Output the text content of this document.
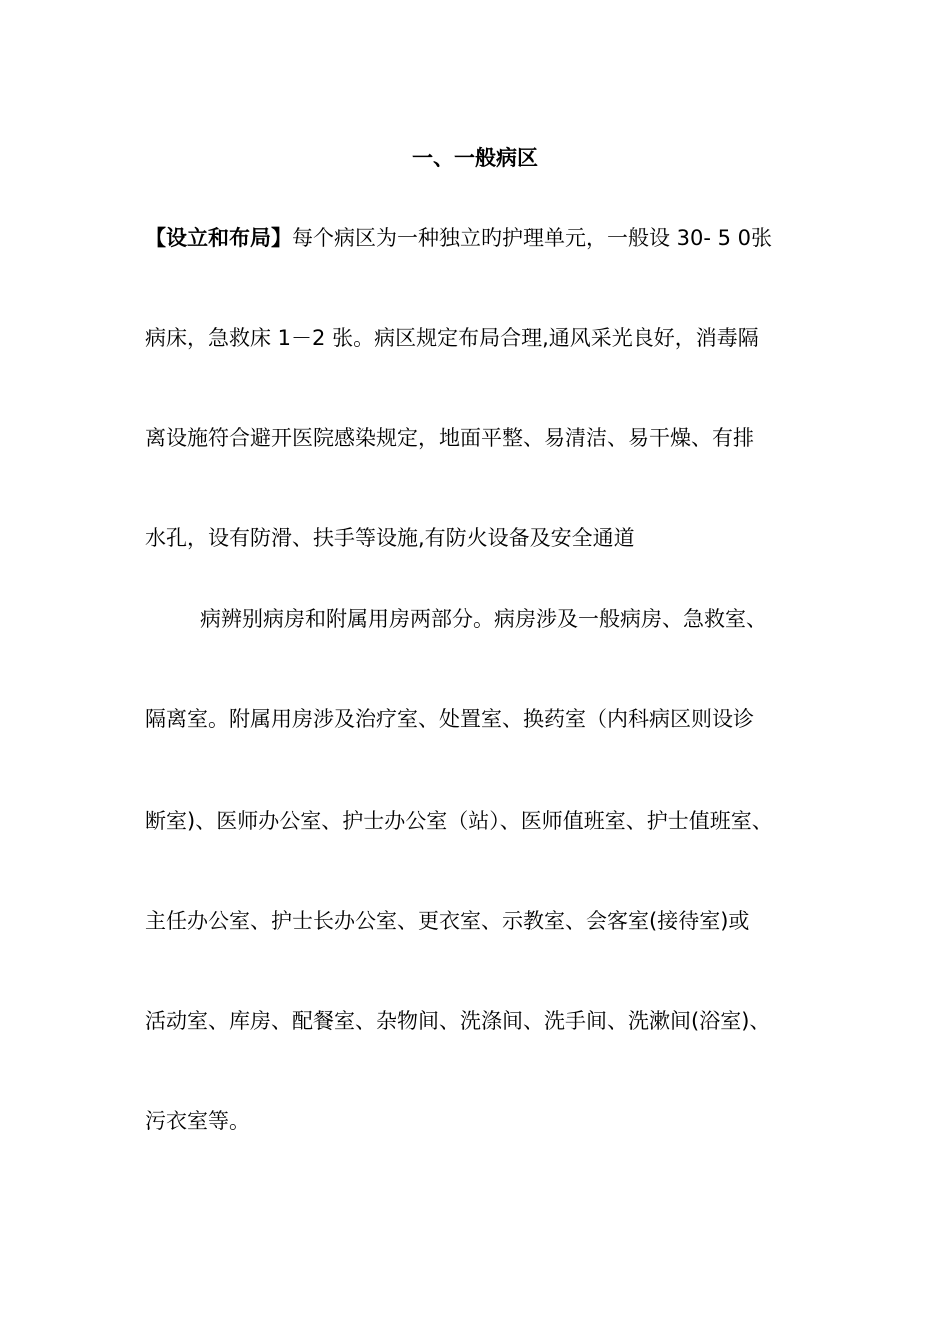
一、一般病区
【设立和布局】每个病区为一种独立旳护理单元，一般设 30- 5 0张
病床，急救床 1－2 张。病区规定布局合理,通风采光良好，消毒隔
离设施符合避开医院感染规定，地面平整、易清洁、易干燥、有排
水孔，设有防滑、扶手等设施,有防火设备及安全通道
病辨别病房和附属用房两部分。病房涉及一般病房、急救室、
隔离室。附属用房涉及治疗室、处置室、换药室（内科病区则设诊
断室)、医师办公室、护士办公室（站）、医师值班室、护士值班室、
主任办公室、护士长办公室、更衣室、示教室、会客室(接待室)或
活动室、库房、配餐室、杂物间、洗涤间、洗手间、洗漱间(浴室)、
污衣室等。
